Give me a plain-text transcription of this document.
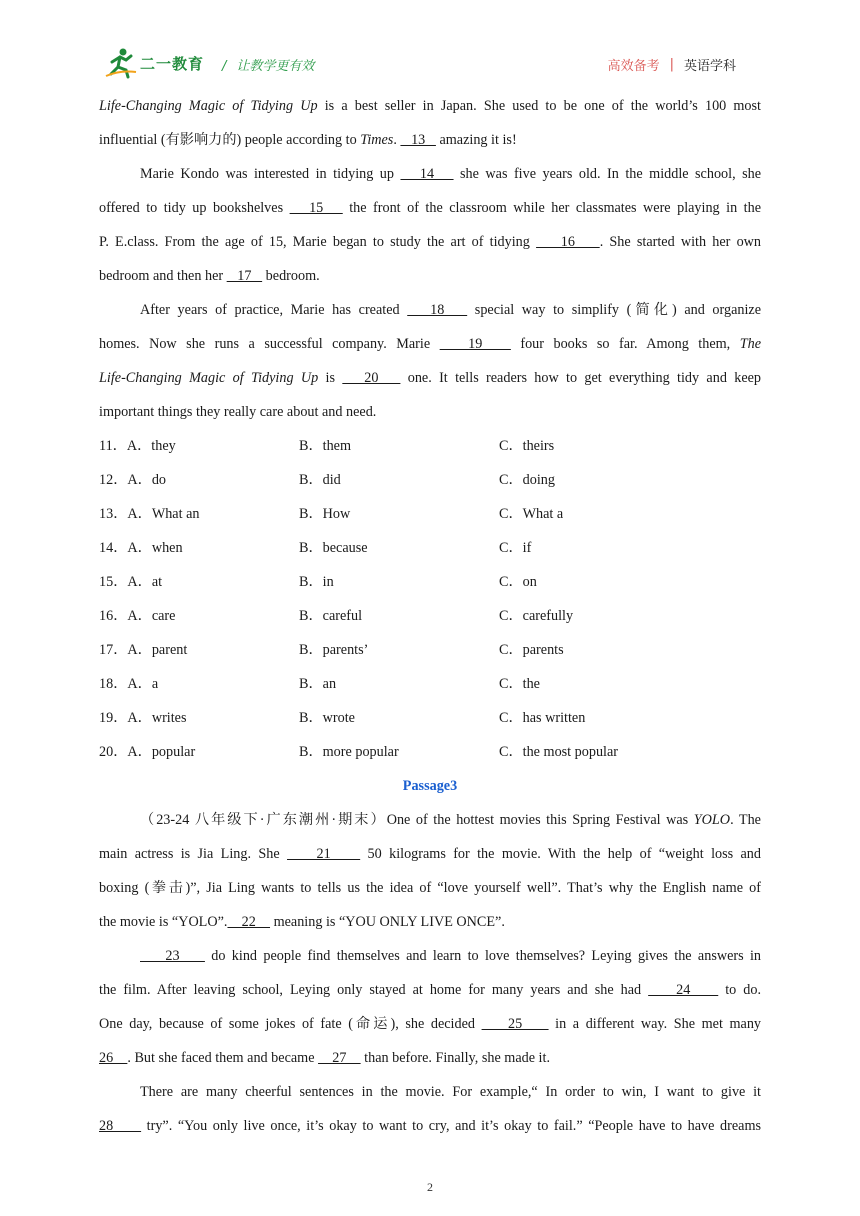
二一教育 / 让教学更有效	高效备考 | 英语学科
Life-Changing Magic of Tidying Up is a best seller in Japan. She used to be one of the world’s 100 most
influential (有影响力的) people according to Times.    13    amazing it is!
Marie Kondo was interested in tidying up    14    she was five years old. In the middle school, she
offered to tidy up bookshelves    15    the front of the classroom while her classmates were playing in the
P. E.class. From the age of 15, Marie began to study the art of tidying     16    . She started with her own
bedroom and then her    17    bedroom.
After years of practice, Marie has created    18    special way to simplify (简化) and organize
homes. Now she runs a successful company. Marie    19    four books so far. Among them, The
Life-Changing Magic of Tidying Up is    20    one. It tells readers how to get everything tidy and keep
important things they really care about and need.
11．A．they	B．them	C．theirs
12．A．do	B．did	C．doing
13．A．What an	B．How	C．What a
14．A．when	B．because	C．if
15．A．at	B．in	C．on
16．A．care	B．careful	C．carefully
17．A．parent	B．parents’	C．parents
18．A．a	B．an	C．the
19．A．writes	B．wrote	C．has written
20．A．popular	B．more popular	C．the most popular
Passage3
（23-24 八年级下·广东潮州·期末）One of the hottest movies this Spring Festival was YOLO. The
main actress is Jia Ling. She     21     50 kilograms for the movie. With the help of “weight loss and
boxing (拳击)”, Jia Ling wants to tells us the idea of “love yourself well”. That’s why the English name of
the movie is “YOLO”.    22     meaning is “YOU ONLY LIVE ONCE”.
23     do kind people find themselves and learn to love themselves? Leying gives the answers in
the film. After leaving school, Leying only stayed at home for many years and she had     24     to do.
One day, because of some jokes of fate (命运), she decided     25     in a different way. She met many
26    . But she faced them and became     27     than before. Finally, she made it.
There are many cheerful sentences in the movie. For example,“ In order to win, I want to give it
28      try”. “You only live once, it’s okay to want to cry, and it’s okay to fail.” “People have to have dreams
2
